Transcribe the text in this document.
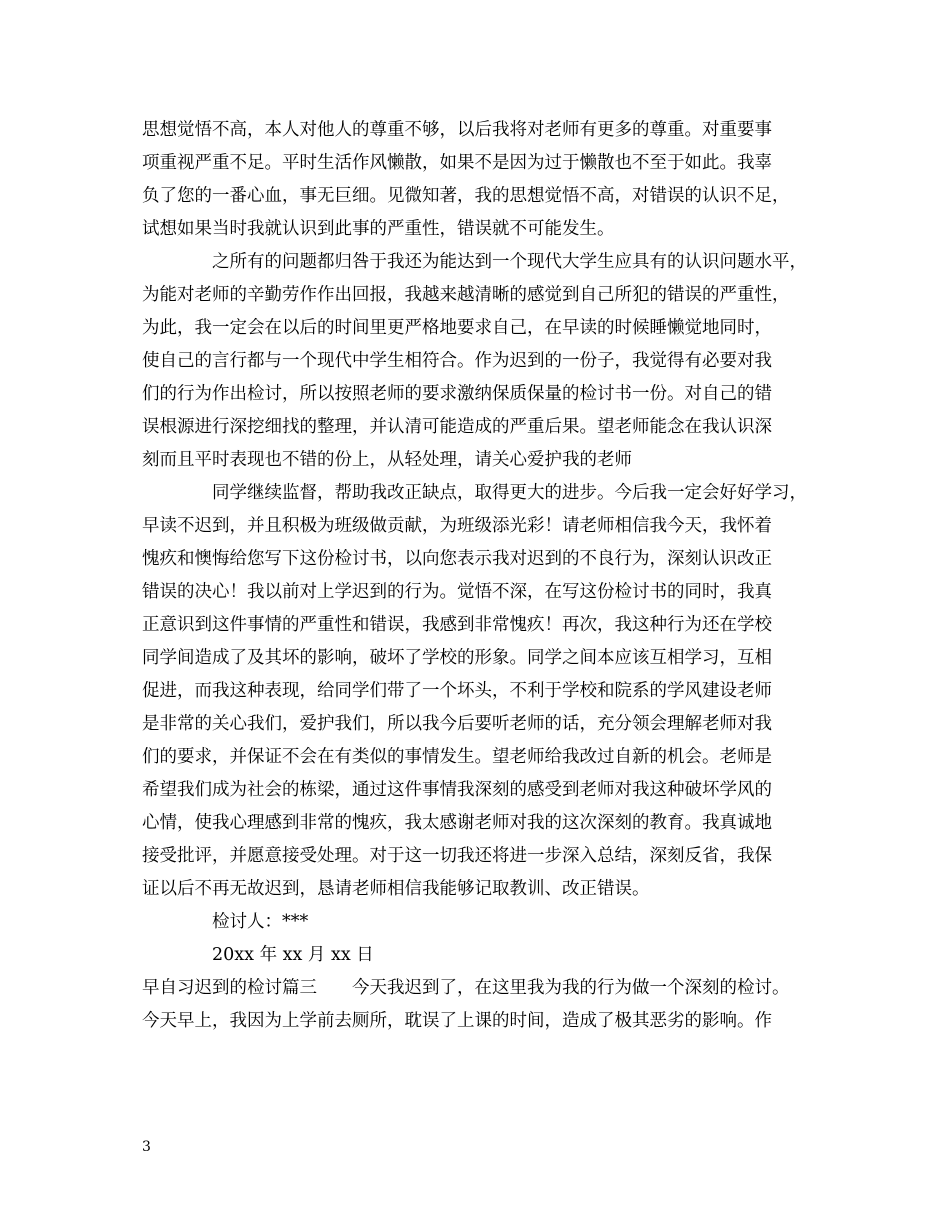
思想觉悟不高，本人对他人的尊重不够，以后我将对老师有更多的尊重。对重要事
项重视严重不足。平时生活作风懒散，如果不是因为过于懒散也不至于如此。我辜
负了您的一番心血，事无巨细。见微知著，我的思想觉悟不高，对错误的认识不足，
试想如果当时我就认识到此事的严重性，错误就不可能发生。

之所有的问题都归咎于我还为能达到一个现代大学生应具有的认识问题水平，
为能对老师的辛勤劳作作出回报，我越来越清晰的感觉到自己所犯的错误的严重性，
为此，我一定会在以后的时间里更严格地要求自己，在早读的时候睡懒觉地同时，
使自己的言行都与一个现代中学生相符合。作为迟到的一份子，我觉得有必要对我
们的行为作出检讨，所以按照老师的要求激纳保质保量的检讨书一份。对自己的错
误根源进行深挖细找的整理，并认清可能造成的严重后果。望老师能念在我认识深
刻而且平时表现也不错的份上，从轻处理，请关心爱护我的老师

同学继续监督，帮助我改正缺点，取得更大的进步。今后我一定会好好学习，
早读不迟到，并且积极为班级做贡献，为班级添光彩！请老师相信我今天，我怀着
愧疚和懊悔给您写下这份检讨书，以向您表示我对迟到的不良行为，深刻认识改正
错误的决心！我以前对上学迟到的行为。觉悟不深，在写这份检讨书的同时，我真
正意识到这件事情的严重性和错误，我感到非常愧疚！再次，我这种行为还在学校
同学间造成了及其坏的影响，破坏了学校的形象。同学之间本应该互相学习，互相
促进，而我这种表现，给同学们带了一个坏头，不利于学校和院系的学风建设老师
是非常的关心我们，爱护我们，所以我今后要听老师的话，充分领会理解老师对我
们的要求，并保证不会在有类似的事情发生。望老师给我改过自新的机会。老师是
希望我们成为社会的栋梁，通过这件事情我深刻的感受到老师对我这种破坏学风的
心情，使我心理感到非常的愧疚，我太感谢老师对我的这次深刻的教育。我真诚地
接受批评，并愿意接受处理。对于这一切我还将进一步深入总结，深刻反省，我保
证以后不再无故迟到，恳请老师相信我能够记取教训、改正错误。

检讨人：***

20xx 年 xx 月 xx 日

早自习迟到的检讨篇三　　今天我迟到了，在这里我为我的行为做一个深刻的检讨。
今天早上，我因为上学前去厕所，耽误了上课的时间，造成了极其恶劣的影响。作

3
